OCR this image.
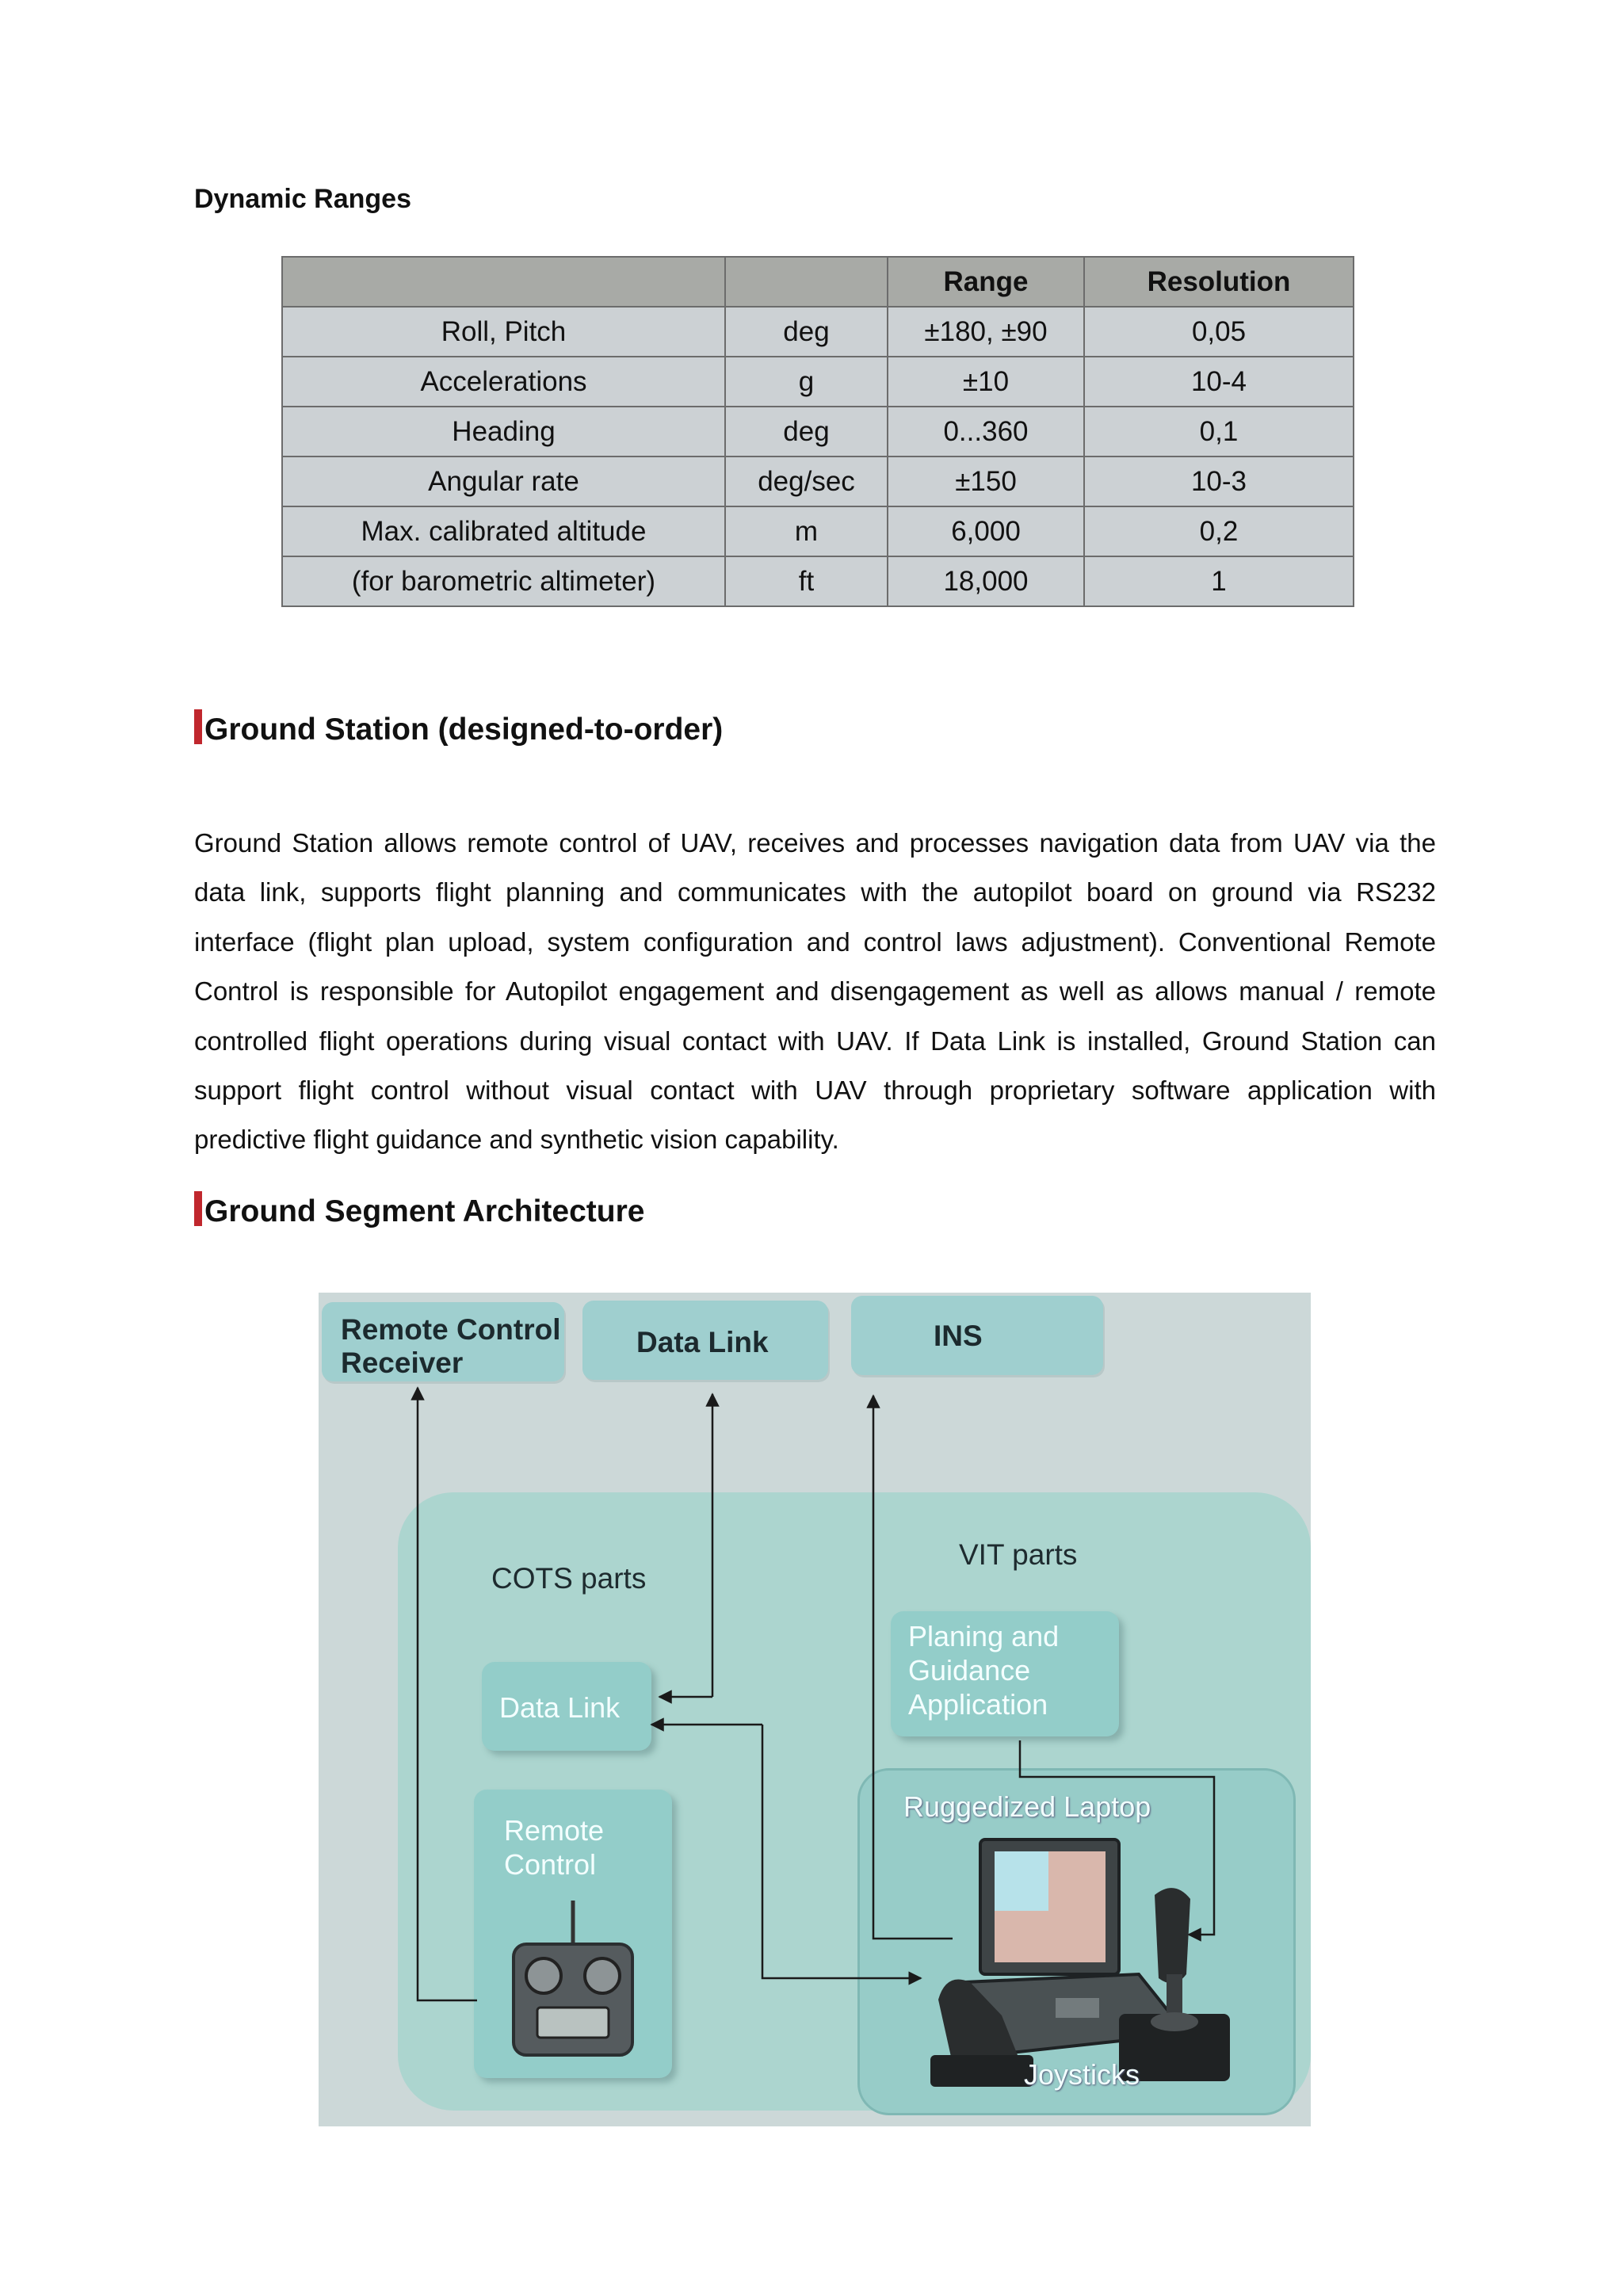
Dynamic Ranges
		Range	Resolution
Roll, Pitch	deg	±180, ±90	0,05
Accelerations	g	±10	10-4
Heading	deg	0...360	0,1
Angular rate	deg/sec	±150	10-3
Max. calibrated altitude	m	6,000	0,2
(for barometric altimeter)	ft	18,000	1
Ground Station (designed-to-order)

Ground Station allows remote control of UAV, receives and processes navigation data from UAV via the data link, supports flight planning and communicates with the autopilot board on ground via RS232 interface (flight plan upload, system configuration and control laws adjustment). Conventional Remote Control is responsible for Autopilot engagement and disengagement as well as allows manual / remote controlled flight operations during visual contact with UAV. If Data Link is installed, Ground Station can support flight control without visual contact with UAV through proprietary software application with predictive flight guidance and synthetic vision capability.

Ground Segment Architecture
Remote Control
Receiver
Data Link	INS
COTS parts
VIT parts
Data Link
Remote
Control
Planing and
Guidance
Application
Ruggedized Laptop
Joysticks
